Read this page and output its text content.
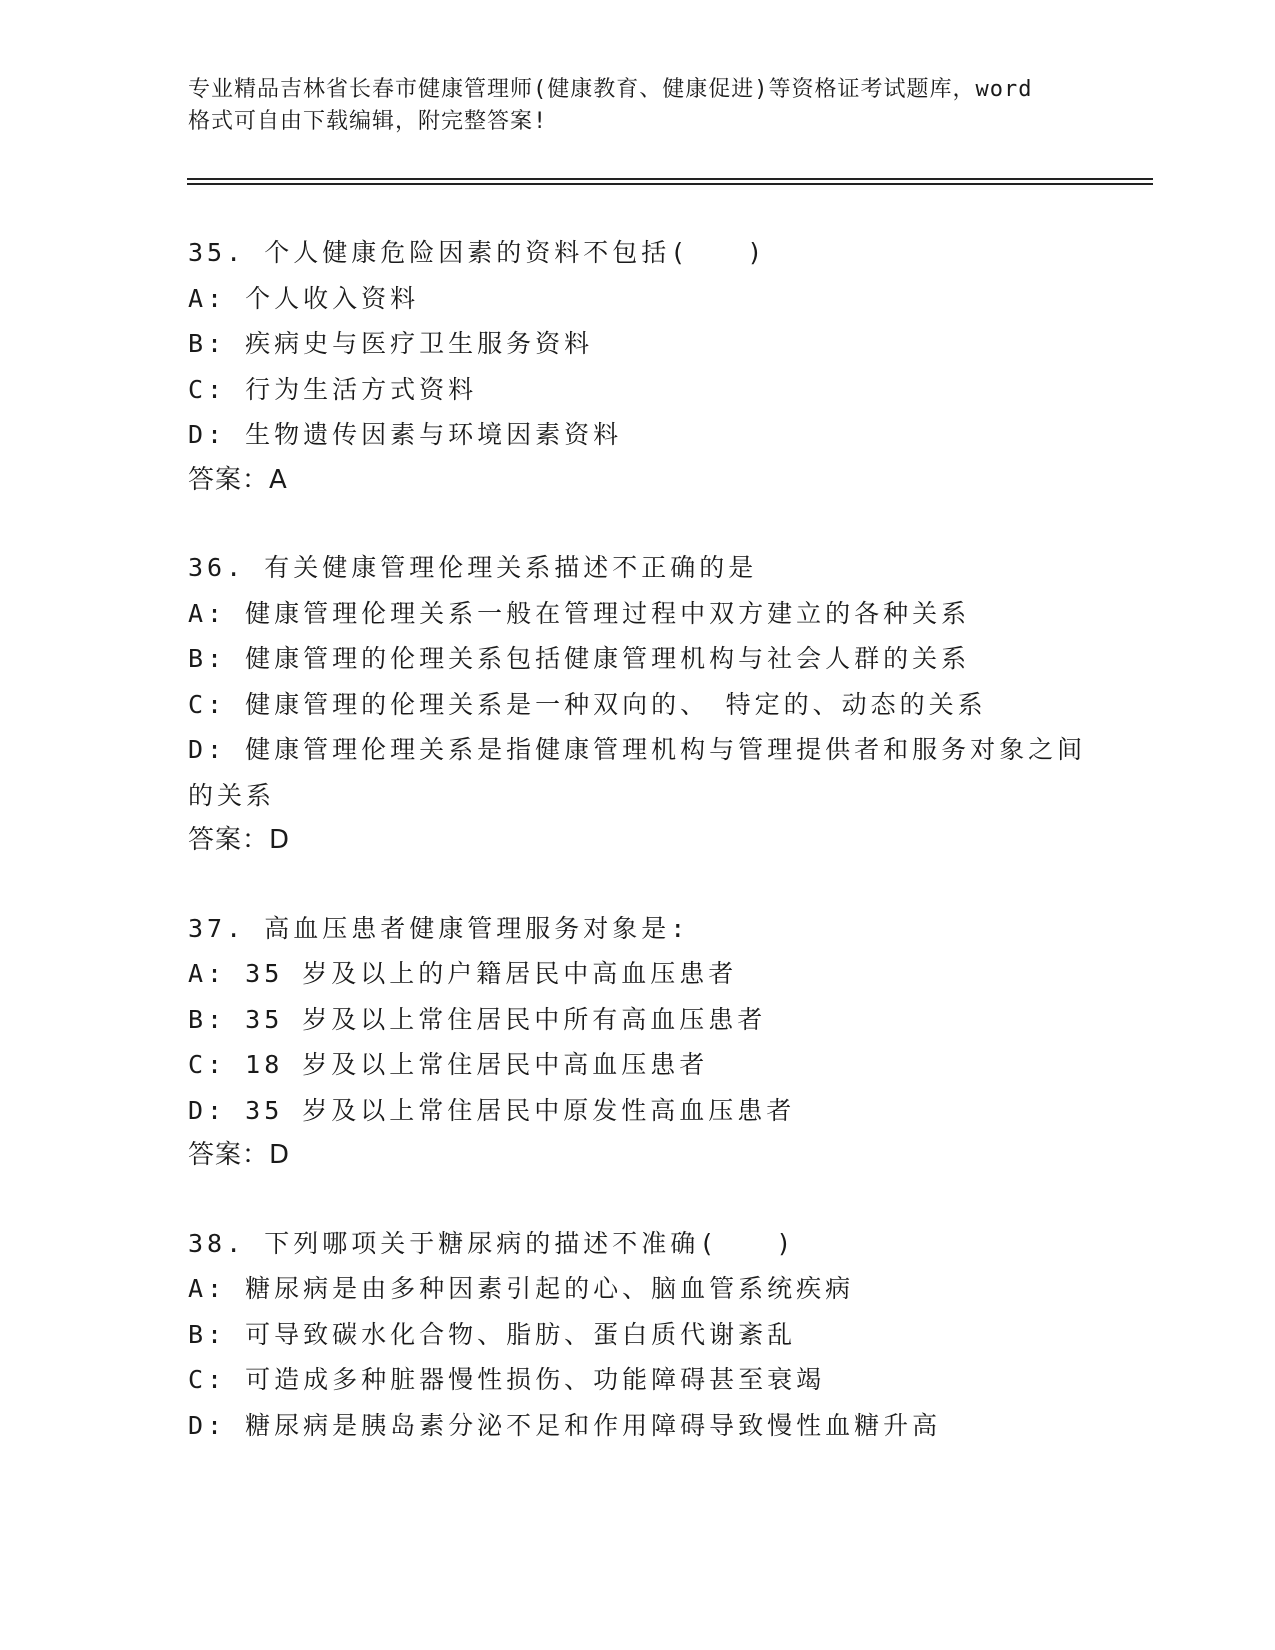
专业精品吉林省长春市健康管理师(健康教育、健康促进)等资格证考试题库，word
格式可自由下载编辑，附完整答案!
35. 个人健康危险因素的资料不包括(　　)
A: 个人收入资料
B: 疾病史与医疗卫生服务资料
C: 行为生活方式资料
D: 生物遗传因素与环境因素资料
答案：A
36. 有关健康管理伦理关系描述不正确的是
A: 健康管理伦理关系一般在管理过程中双方建立的各种关系
B: 健康管理的伦理关系包括健康管理机构与社会人群的关系
C: 健康管理的伦理关系是一种双向的、　特定的、动态的关系
D: 健康管理伦理关系是指健康管理机构与管理提供者和服务对象之间的关系
答案：D
37. 高血压患者健康管理服务对象是:
A: 35 岁及以上的户籍居民中高血压患者
B: 35 岁及以上常住居民中所有高血压患者
C: 18 岁及以上常住居民中高血压患者
D: 35 岁及以上常住居民中原发性高血压患者
答案：D
38. 下列哪项关于糖尿病的描述不准确(　　)
A: 糖尿病是由多种因素引起的心、脑血管系统疾病
B: 可导致碳水化合物、脂肪、蛋白质代谢紊乱
C: 可造成多种脏器慢性损伤、功能障碍甚至衰竭
D: 糖尿病是胰岛素分泌不足和作用障碍导致慢性血糖升高
